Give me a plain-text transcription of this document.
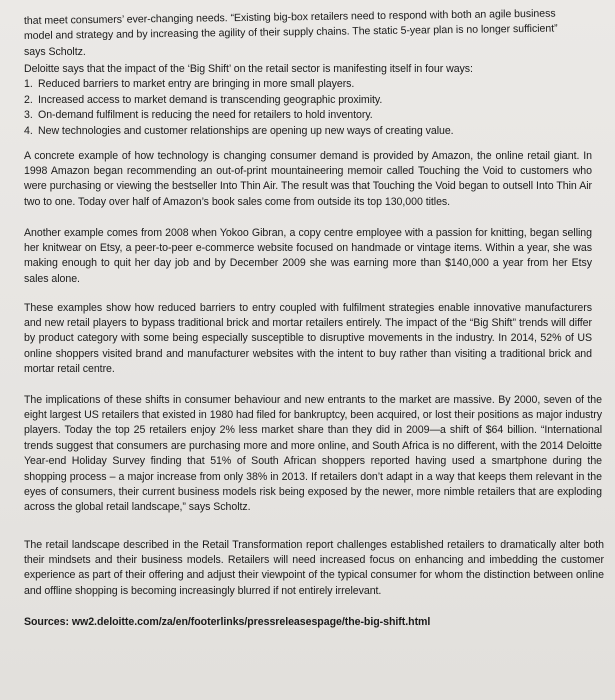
that meet consumers’ ever-changing needs. “Existing big-box retailers need to respond with both an agile business

model and strategy and by increasing the agility of their supply chains. The static 5-year plan is no longer sufficient”

says Scholtz.

Deloitte says that the impact of the ‘Big Shift’ on the retail sector is manifesting itself in four ways:

1. Reduced barriers to market entry are bringing in more small players.
2. Increased access to market demand is transcending geographic proximity.
3. On-demand fulfilment is reducing the need for retailers to hold inventory.
4. New technologies and customer relationships are opening up new ways of creating value.

A concrete example of how technology is changing consumer demand is provided by Amazon, the online retail giant. In 1998 Amazon began recommending an out-of-print mountaineering memoir called Touching the Void to customers who were purchasing or viewing the bestseller Into Thin Air. The result was that Touching the Void began to outsell Into Thin Air two to one. Today over half of Amazon’s book sales come from outside its top 130,000 titles.

Another example comes from 2008 when Yokoo Gibran, a copy centre employee with a passion for knitting, began selling her knitwear on Etsy, a peer-to-peer e-commerce website focused on handmade or vintage items. Within a year, she was making enough to quit her day job and by December 2009 she was earning more than $140,000 a year from her Etsy sales alone.

These examples show how reduced barriers to entry coupled with fulfilment strategies enable innovative manufacturers and new retail players to bypass traditional brick and mortar retailers entirely. The impact of the “Big Shift” trends will differ by product category with some being especially susceptible to disruptive movements in the industry. In 2014, 52% of US online shoppers visited brand and manufacturer websites with the intent to buy rather than visiting a traditional brick and mortar retail centre.

The implications of these shifts in consumer behaviour and new entrants to the market are massive. By 2000, seven of the eight largest US retailers that existed in 1980 had filed for bankruptcy, been acquired, or lost their positions as major industry players. Today the top 25 retailers enjoy 2% less market share than they did in 2009—a shift of $64 billion. “International trends suggest that consumers are purchasing more and more online, and South Africa is no different, with the 2014 Deloitte Year-end Holiday Survey finding that 51% of South African shoppers reported having used a smartphone during the shopping process – a major increase from only 38% in 2013. If retailers don’t adapt in a way that keeps them relevant in the eyes of consumers, their current business models risk being exposed by the newer, more nimble retailers that are exploding across the global retail landscape,” says Scholtz.

The retail landscape described in the Retail Transformation report challenges established retailers to dramatically alter both their mindsets and their business models. Retailers will need increased focus on enhancing and imbedding the customer experience as part of their offering and adjust their viewpoint of the typical consumer for whom the distinction between online and offline shopping is becoming increasingly blurred if not entirely irrelevant.

Sources: ww2.deloitte.com/za/en/footerlinks/pressreleasespage/the-big-shift.html
